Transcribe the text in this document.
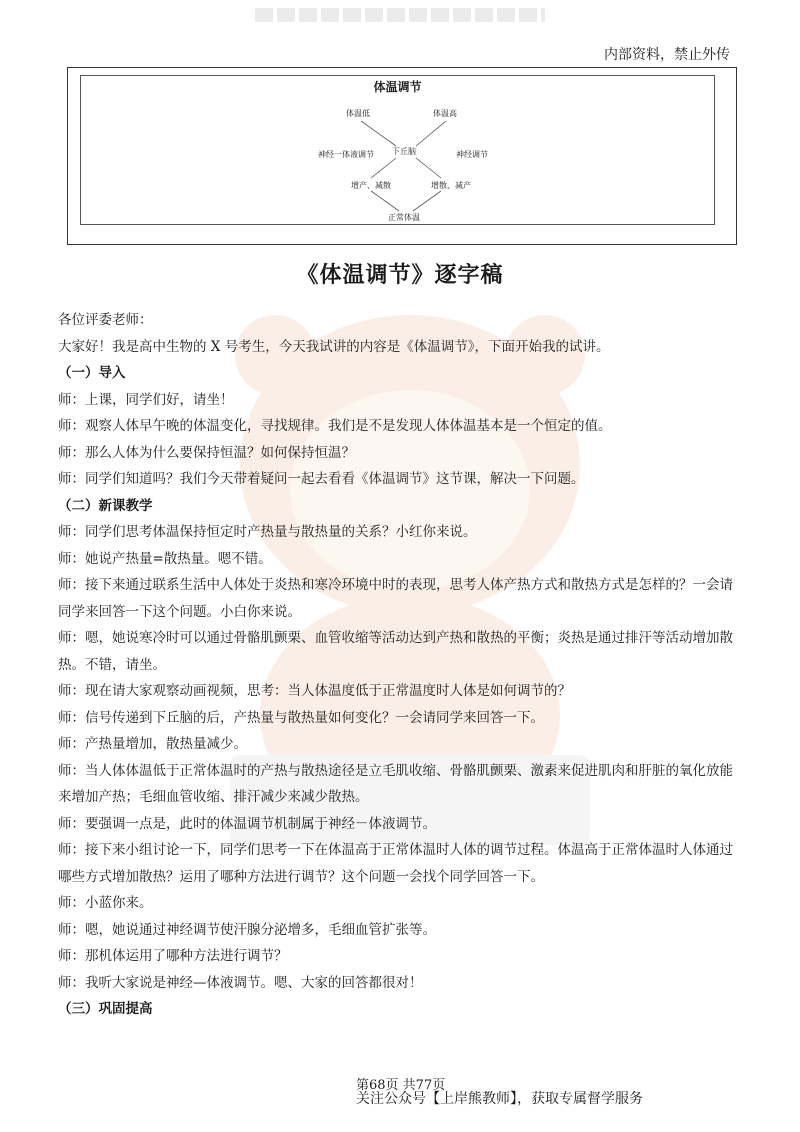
内部资料，禁止外传
体温调节
体温低	体温高
神经一体液调节 下丘脑	神经调节
增产、减散	增散、减产
正常体温
《体温调节》逐字稿

各位评委老师：

大家好！我是高中生物的 X 号考生，今天我试讲的内容是《体温调节》，下面开始我的试讲。

（一）导入

师：上课，同学们好，请坐！

师：观察人体早午晚的体温变化，寻找规律。我们是不是发现人体体温基本是一个恒定的值。

师：那么人体为什么要保持恒温？如何保持恒温？

师：同学们知道吗？我们今天带着疑问一起去看看《体温调节》这节课，解决一下问题。

（二）新课教学

师：同学们思考体温保持恒定时产热量与散热量的关系？小红你来说。

师：她说产热量=散热量。嗯不错。

师：接下来通过联系生活中人体处于炎热和寒冷环境中时的表现，思考人体产热方式和散热方式是怎样的？一会请同学来回答一下这个问题。小白你来说。

师：嗯，她说寒冷时可以通过骨骼肌颤栗、血管收缩等活动达到产热和散热的平衡；炎热是通过排汗等活动增加散热。不错，请坐。

师：现在请大家观察动画视频，思考：当人体温度低于正常温度时人体是如何调节的？

师：信号传递到下丘脑的后，产热量与散热量如何变化？一会请同学来回答一下。

师：产热量增加，散热量减少。

师：当人体体温低于正常体温时的产热与散热途径是立毛肌收缩、骨骼肌颤栗、激素来促进肌肉和肝脏的氧化放能来增加产热；毛细血管收缩、排汗减少来减少散热。

师：要强调一点是，此时的体温调节机制属于神经－体液调节。

师：接下来小组讨论一下，同学们思考一下在体温高于正常体温时人体的调节过程。体温高于正常体温时人体通过哪些方式增加散热？运用了哪种方法进行调节？这个问题一会找个同学回答一下。

师：小蓝你来。

师：嗯，她说通过神经调节使汗腺分泌增多，毛细血管扩张等。

师：那机体运用了哪种方法进行调节？

师：我听大家说是神经—体液调节。嗯、大家的回答都很对！

（三）巩固提高

第68页 共77页
关注公众号【上岸熊教师】，获取专属督学服务
